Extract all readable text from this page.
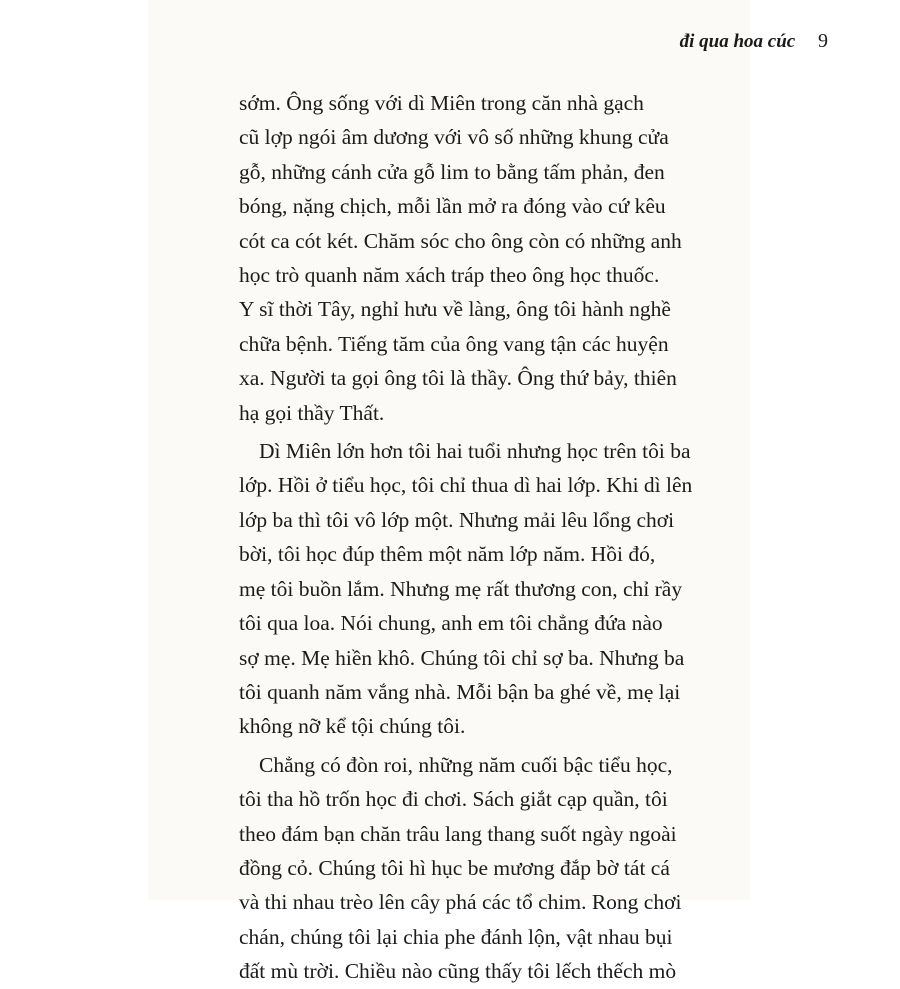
đi qua hoa cúc 9
sớm. Ông sống với dì Miên trong căn nhà gạch
cũ lợp ngói âm dương với vô số những khung cửa
gỗ, những cánh cửa gỗ lim to bằng tấm phản, đen
bóng, nặng chịch, mỗi lần mở ra đóng vào cứ kêu
cót ca cót két. Chăm sóc cho ông còn có những anh
học trò quanh năm xách tráp theo ông học thuốc.
Y sĩ thời Tây, nghỉ hưu về làng, ông tôi hành nghề
chữa bệnh. Tiếng tăm của ông vang tận các huyện
xa. Người ta gọi ông tôi là thầy. Ông thứ bảy, thiên
hạ gọi thầy Thất.
Dì Miên lớn hơn tôi hai tuổi nhưng học trên tôi ba
lớp. Hồi ở tiểu học, tôi chỉ thua dì hai lớp. Khi dì lên
lớp ba thì tôi vô lớp một. Nhưng mải lêu lổng chơi
bời, tôi học đúp thêm một năm lớp năm. Hồi đó,
mẹ tôi buồn lắm. Nhưng mẹ rất thương con, chỉ rầy
tôi qua loa. Nói chung, anh em tôi chẳng đứa nào
sợ mẹ. Mẹ hiền khô. Chúng tôi chỉ sợ ba. Nhưng ba
tôi quanh năm vắng nhà. Mỗi bận ba ghé về, mẹ lại
không nỡ kể tội chúng tôi.
Chẳng có đòn roi, những năm cuối bậc tiểu học,
tôi tha hồ trốn học đi chơi. Sách giắt cạp quần, tôi
theo đám bạn chăn trâu lang thang suốt ngày ngoài
đồng cỏ. Chúng tôi hì hục be mương đắp bờ tát cá
và thi nhau trèo lên cây phá các tổ chim. Rong chơi
chán, chúng tôi lại chia phe đánh lộn, vật nhau bụi
đất mù trời. Chiều nào cũng thấy tôi lếch thếch mò
